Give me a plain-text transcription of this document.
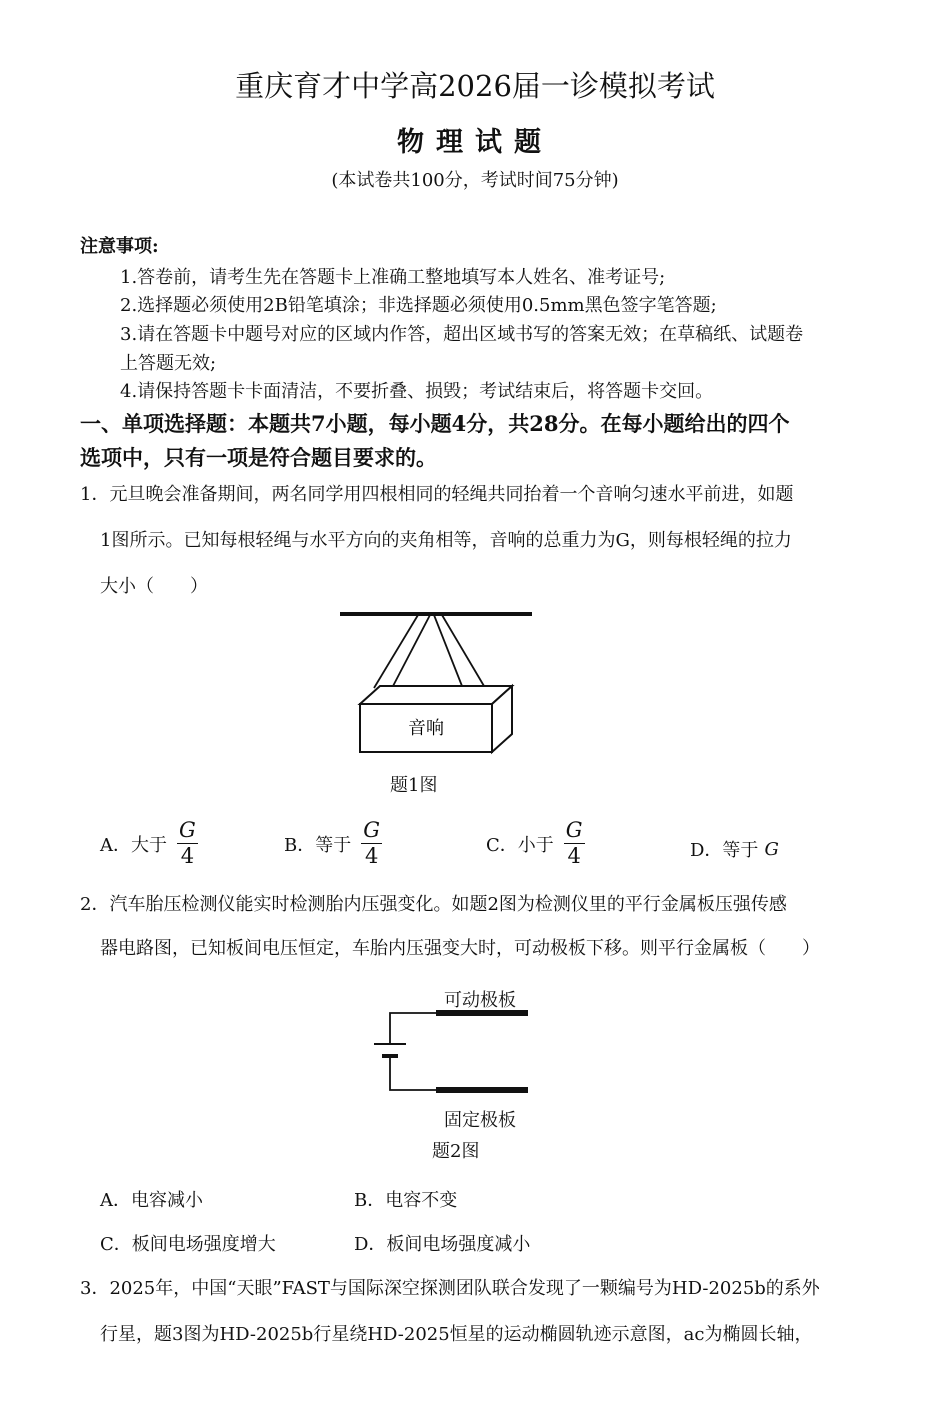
重庆育才中学高2026届一诊模拟考试
物理试题
(本试卷共100分，考试时间75分钟)
注意事项:
1.答卷前，请考生先在答题卡上准确工整地填写本人姓名、准考证号;
2.选择题必须使用2B铅笔填涂；非选择题必须使用0.5mm黑色签字笔答题;
3.请在答题卡中题号对应的区域内作答，超出区域书写的答案无效；在草稿纸、试题卷
上答题无效;
4.请保持答题卡卡面清洁，不要折叠、损毁；考试结束后，将答题卡交回。
一、单项选择题：本题共7小题，每小题4分，共28分。在每小题给出的四个
选项中，只有一项是符合题目要求的。
1．元旦晚会准备期间，两名同学用四根相同的轻绳共同抬着一个音响匀速水平前进，如题
1图所示。已知每根轻绳与水平方向的夹角相等，音响的总重力为G，则每根轻绳的拉力
大小（　　）
音响
题1图
A．大于 $\frac{G}{4}$	B．等于 $\frac{G}{4}$	C．小于 $\frac{G}{4}$	D．等于 G
2．汽车胎压检测仪能实时检测胎内压强变化。如题2图为检测仪里的平行金属板压强传感
器电路图，已知板间电压恒定，车胎内压强变大时，可动极板下移。则平行金属板（　　）
可动极板
固定极板
题2图
A．电容减小	B．电容不变
C．板间电场强度增大	D．板间电场强度减小
3．2025年，中国“天眼”FAST与国际深空探测团队联合发现了一颗编号为HD-2025b的系外
行星，题3图为HD-2025b行星绕HD-2025恒星的运动椭圆轨迹示意图，ac为椭圆长轴，
